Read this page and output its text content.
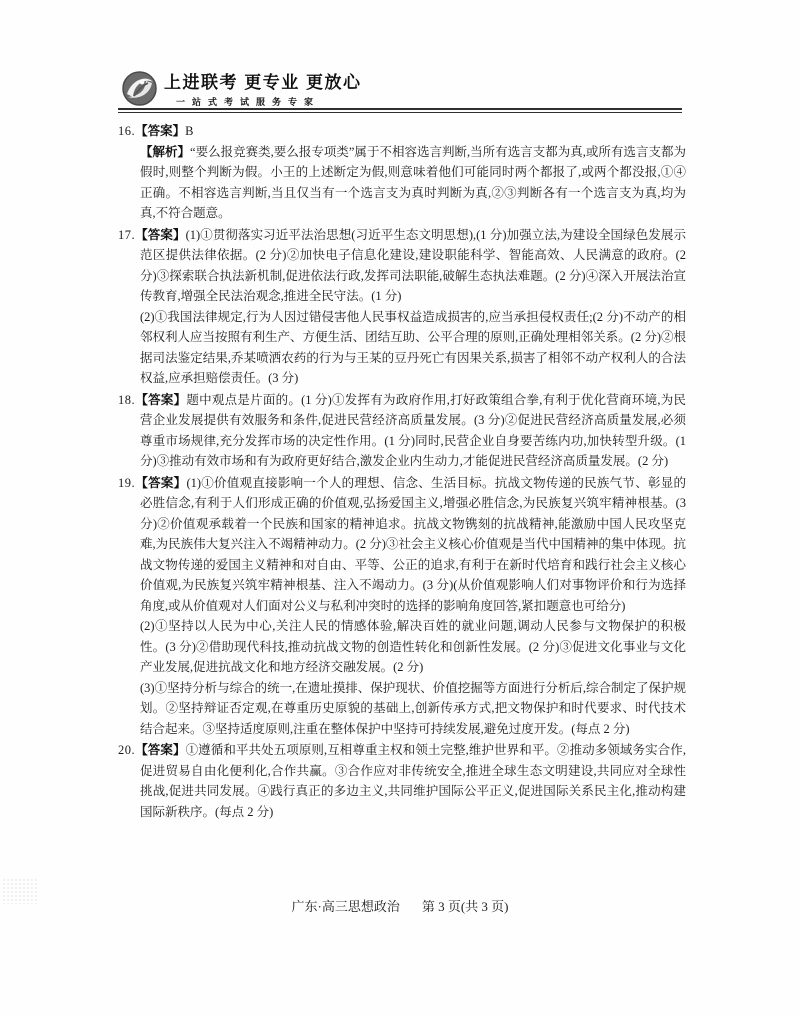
上进联考 更专业 更放心
一站式考试服务专家

16.【答案】B

【解析】“要么报竞赛类,要么报专项类”属于不相容选言判断,当所有选言支都为真,或所有选言支都为假时,则整个判断为假。小王的上述断定为假,则意味着他们可能同时两个都报了,或两个都没报,①④正确。不相容选言判断,当且仅当有一个选言支为真时判断为真,②③判断各有一个选言支为真,均为真,不符合题意。

17.【答案】(1)①贯彻落实习近平法治思想(习近平生态文明思想),(1 分)加强立法,为建设全国绿色发展示范区提供法律依据。(2 分)②加快电子信息化建设,建设职能科学、智能高效、人民满意的政府。(2 分)③探索联合执法新机制,促进依法行政,发挥司法职能,破解生态执法难题。(2 分)④深入开展法治宣传教育,增强全民法治观念,推进全民守法。(1 分)

(2)①我国法律规定,行为人因过错侵害他人民事权益造成损害的,应当承担侵权责任;(2 分)不动产的相邻权利人应当按照有利生产、方便生活、团结互助、公平合理的原则,正确处理相邻关系。(2 分)②根据司法鉴定结果,乔某喷洒农药的行为与王某的豆丹死亡有因果关系,损害了相邻不动产权利人的合法权益,应承担赔偿责任。(3 分)

18.【答案】题中观点是片面的。(1 分)①发挥有为政府作用,打好政策组合拳,有利于优化营商环境,为民营企业发展提供有效服务和条件,促进民营经济高质量发展。(3 分)②促进民营经济高质量发展,必须尊重市场规律,充分发挥市场的决定性作用。(1 分)同时,民营企业自身要苦练内功,加快转型升级。(1 分)③推动有效市场和有为政府更好结合,激发企业内生动力,才能促进民营经济高质量发展。(2 分)

19.【答案】(1)①价值观直接影响一个人的理想、信念、生活目标。抗战文物传递的民族气节、彰显的必胜信念,有利于人们形成正确的价值观,弘扬爱国主义,增强必胜信念,为民族复兴筑牢精神根基。(3 分)②价值观承载着一个民族和国家的精神追求。抗战文物镌刻的抗战精神,能激励中国人民攻坚克难,为民族伟大复兴注入不竭精神动力。(2 分)③社会主义核心价值观是当代中国精神的集中体现。抗战文物传递的爱国主义精神和对自由、平等、公正的追求,有利于在新时代培育和践行社会主义核心价值观,为民族复兴筑牢精神根基、注入不竭动力。(3 分)(从价值观影响人们对事物评价和行为选择角度,或从价值观对人们面对公义与私利冲突时的选择的影响角度回答,紧扣题意也可给分)

(2)①坚持以人民为中心,关注人民的情感体验,解决百姓的就业问题,调动人民参与文物保护的积极性。(3 分)②借助现代科技,推动抗战文物的创造性转化和创新性发展。(2 分)③促进文化事业与文化产业发展,促进抗战文化和地方经济交融发展。(2 分)

(3)①坚持分析与综合的统一,在遗址摸排、保护现状、价值挖掘等方面进行分析后,综合制定了保护规划。②坚持辩证否定观,在尊重历史原貌的基础上,创新传承方式,把文物保护和时代要求、时代技术结合起来。③坚持适度原则,注重在整体保护中坚持可持续发展,避免过度开发。(每点 2 分)

20.【答案】①遵循和平共处五项原则,互相尊重主权和领土完整,维护世界和平。②推动多领域务实合作,促进贸易自由化便利化,合作共赢。③合作应对非传统安全,推进全球生态文明建设,共同应对全球性挑战,促进共同发展。④践行真正的多边主义,共同维护国际公平正义,促进国际关系民主化,推动构建国际新秩序。(每点 2 分)

广东·高三思想政治 第 3 页(共 3 页)
